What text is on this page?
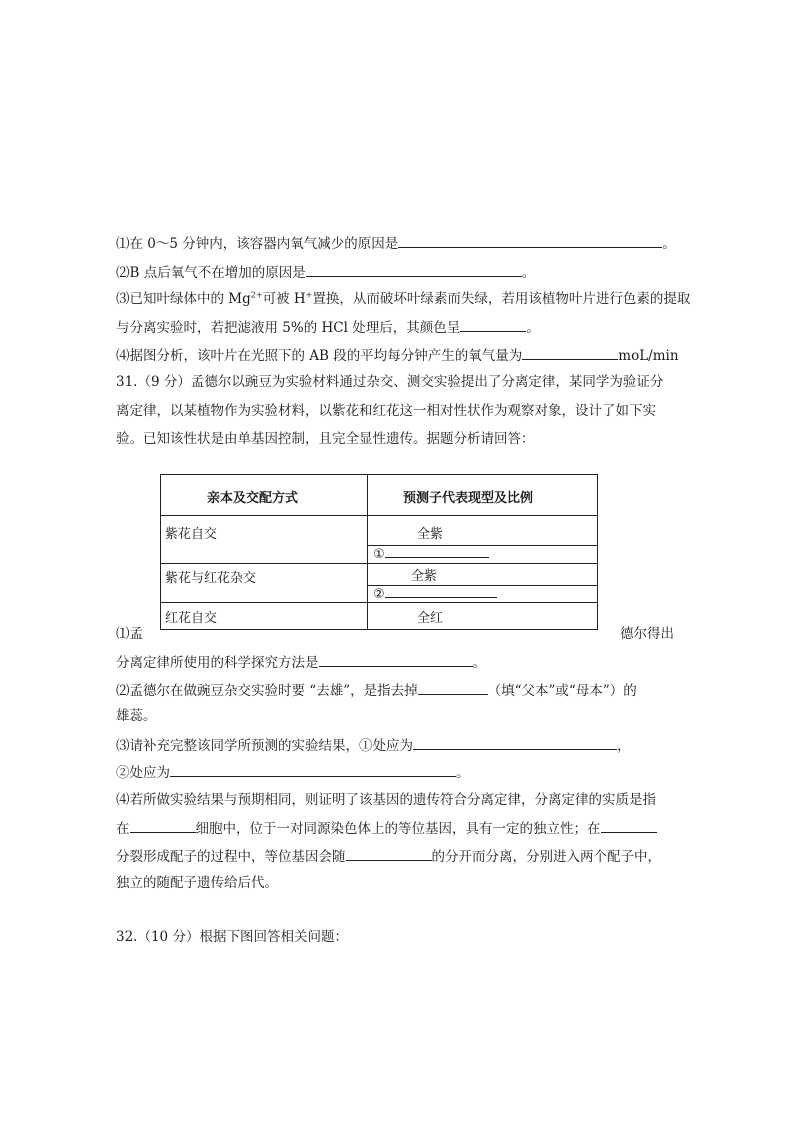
⑴在 0～5 分钟内，该容器内氧气减少的原因是	。
⑵B 点后氧气不在增加的原因是	。
⑶已知叶绿体中的 $Mg^{2+}$可被 H+置换，从而破坏叶绿素而失绿，若用该植物叶片进行色素的提取
与分离实验时，若把滤液用 5%的 HCl 处理后，其颜色呈	。
⑷据图分析，该叶片在光照下的 AB 段的平均每分钟产生的氧气量为	moL/min
31.（9 分）孟德尔以豌豆为实验材料通过杂交、测交实验提出了分离定律，某同学为验证分
离定律，以某植物作为实验材料，以紫花和红花这一相对性状作为观察对象，设计了如下实
验。已知该性状是由单基因控制，且完全显性遗传。据题分析请回答：
亲本及交配方式	预测子代表现型及比例
紫花自交	全紫
①
紫花与红花杂交	全紫
②
红花自交	全红
⑴孟	德尔得出
分离定律所使用的科学探究方法是	。
⑵孟德尔在做豌豆杂交实验时要 “去雄”，是指去掉	（填“父本”或“母本”）的
雄蕊。
⑶请补充完整该同学所预测的实验结果，①处应为	，
②处应为	。
⑷若所做实验结果与预期相同，则证明了该基因的遗传符合分离定律，分离定律的实质是指
在	细胞中，位于一对同源染色体上的等位基因，具有一定的独立性；在
分裂形成配子的过程中，等位基因会随	的分开而分离，分别进入两个配子中，
独立的随配子遗传给后代。
32.（10 分）根据下图回答相关问题：
